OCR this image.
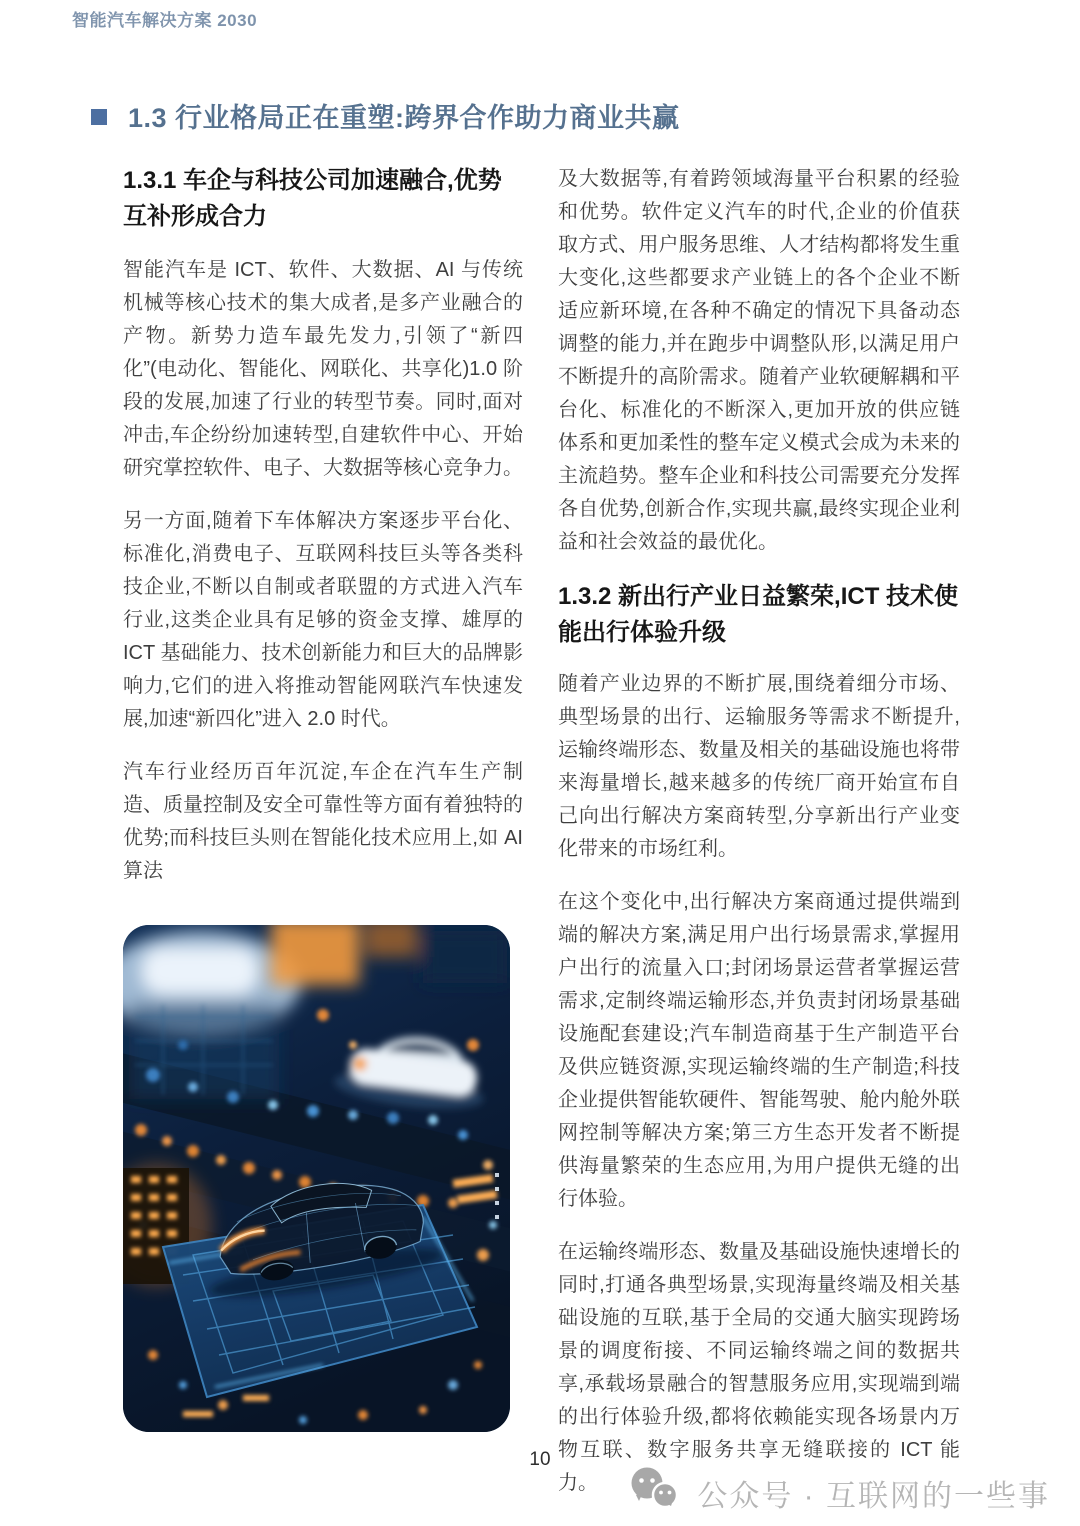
智能汽车解决方案 2030
1.3 行业格局正在重塑:跨界合作助力商业共赢
1.3.1 车企与科技公司加速融合,优势互补形成合力

智能汽车是 ICT、软件、大数据、AI 与传统机械等核心技术的集大成者,是多产业融合的产物。新势力造车最先发力,引领了“新四化”(电动化、智能化、网联化、共享化)1.0 阶段的发展,加速了行业的转型节奏。同时,面对冲击,车企纷纷加速转型,自建软件中心、开始研究掌控软件、电子、大数据等核心竞争力。

另一方面,随着下车体解决方案逐步平台化、标准化,消费电子、互联网科技巨头等各类科技企业,不断以自制或者联盟的方式进入汽车行业,这类企业具有足够的资金支撑、雄厚的 ICT 基础能力、技术创新能力和巨大的品牌影响力,它们的进入将推动智能网联汽车快速发展,加速“新四化”进入 2.0 时代。

汽车行业经历百年沉淀,车企在汽车生产制造、质量控制及安全可靠性等方面有着独特的优势;而科技巨头则在智能化技术应用上,如 AI 算法

及大数据等,有着跨领域海量平台积累的经验和优势。软件定义汽车的时代,企业的价值获取方式、用户服务思维、人才结构都将发生重大变化,这些都要求产业链上的各个企业不断适应新环境,在各种不确定的情况下具备动态调整的能力,并在跑步中调整队形,以满足用户不断提升的高阶需求。随着产业软硬解耦和平台化、标准化的不断深入,更加开放的供应链体系和更加柔性的整车定义模式会成为未来的主流趋势。整车企业和科技公司需要充分发挥各自优势,创新合作,实现共赢,最终实现企业利益和社会效益的最优化。

1.3.2 新出行产业日益繁荣,ICT 技术使能出行体验升级

随着产业边界的不断扩展,围绕着细分市场、典型场景的出行、运输服务等需求不断提升,运输终端形态、数量及相关的基础设施也将带来海量增长,越来越多的传统厂商开始宣布自己向出行解决方案商转型,分享新出行产业变化带来的市场红利。

在这个变化中,出行解决方案商通过提供端到端的解决方案,满足用户出行场景需求,掌握用户出行的流量入口;封闭场景运营者掌握运营需求,定制终端运输形态,并负责封闭场景基础设施配套建设;汽车制造商基于生产制造平台及供应链资源,实现运输终端的生产制造;科技企业提供智能软硬件、智能驾驶、舱内舱外联网控制等解决方案;第三方生态开发者不断提供海量繁荣的生态应用,为用户提供无缝的出行体验。

在运输终端形态、数量及基础设施快速增长的同时,打通各典型场景,实现海量终端及相关基础设施的互联,基于全局的交通大脑实现跨场景的调度衔接、不同运输终端之间的数据共享,承载场景融合的智慧服务应用,实现端到端的出行体验升级,都将依赖能实现各场景内万物互联、数字服务共享无缝联接的 ICT 能力。

10
公众号 · 互联网的一些事
